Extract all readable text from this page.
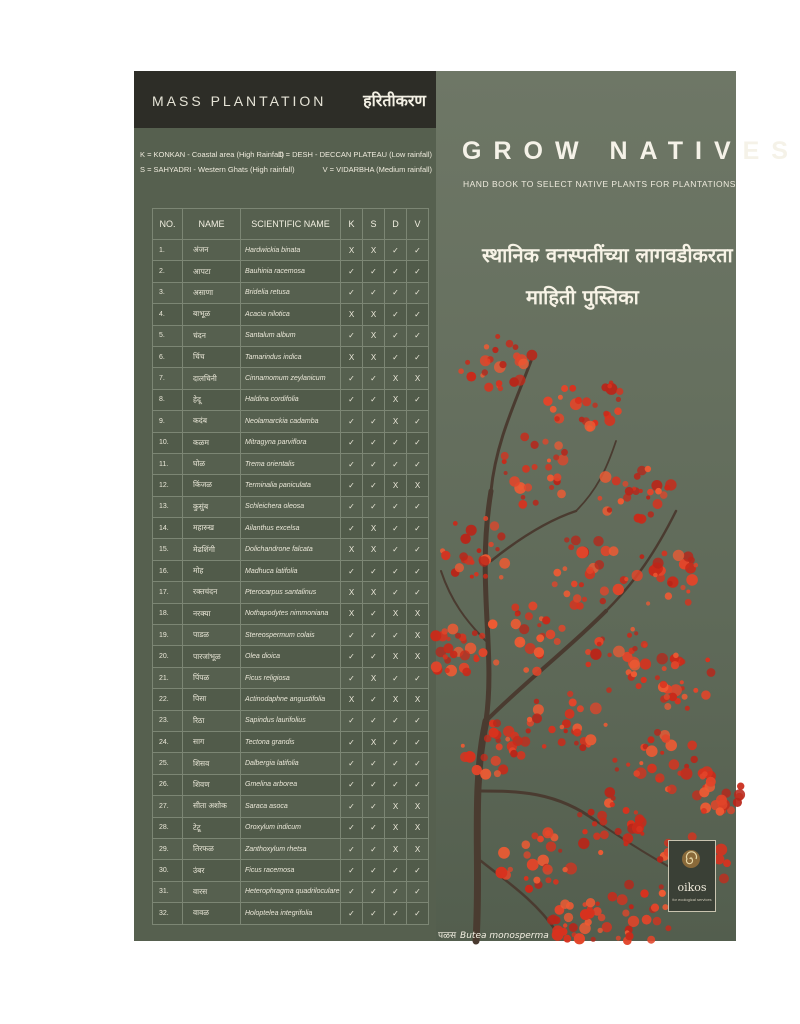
MASS PLANTATION हरितीकरण
K = KONKAN - Coastal area (High Rainfall)
D = DESH - DECCAN PLATEAU (Low rainfall)
S = SAHYADRI - Western Ghats (High rainfall)	V = VIDARBHA (Medium rainfall)
NO.	NAME	SCIENTIFIC NAME	K	S	D	V
1.	अंजन	Hardwickia binata	X	X	✓	✓
2.	आपटा	Bauhinia racemosa	✓	✓	✓	✓
3.	असाणा	Bridelia retusa	✓	✓	✓	✓
4.	बाभूळ	Acacia nilotica	X	X	✓	✓
5.	चंदन	Santalum album	✓	X	✓	✓
6.	चिंच	Tamarindus indica	X	X	✓	✓
7.	दालचिनी	Cinnamomum zeylanicum	✓	✓	X	X
8.	हेदू	Haldina cordifolia	✓	✓	X	✓
9.	कदंब	Neolamarckia cadamba	✓	✓	X	✓
10.	कळम	Mitragyna parviflora	✓	✓	✓	✓
11.	घोळ	Trema orientalis	✓	✓	✓	✓
12.	किंजळ	Terminalia paniculata	✓	✓	X	X
13.	कुसुंब	Schleichera oleosa	✓	✓	✓	✓
14.	महारुख	Ailanthus excelsa	✓	X	✓	✓
15.	मेढशिंगी	Dolichandrone falcata	X	X	✓	✓
16.	मोह	Madhuca latifolia	✓	✓	✓	✓
17.	रक्तचंदन	Pterocarpus santalinus	X	X	✓	✓
18.	नरक्या	Nothapodytes nimmoniana	X	✓	X	X
19.	पाडळ	Stereospermum colais	✓	✓	✓	X
20.	पारजांभूळ	Olea dioica	✓	✓	X	X
21.	पिंपळ	Ficus religiosa	✓	X	✓	✓
22.	पिसा	Actinodaphne angustifolia	X	✓	X	X
23.	रिठा	Sapindus laurifolius	✓	✓	✓	✓
24.	साग	Tectona grandis	✓	X	✓	✓
25.	शिसव	Dalbergia latifolia	✓	✓	✓	✓
26.	शिवण	Gmelina arborea	✓	✓	✓	✓
27.	सीता अशोक	Saraca asoca	✓	✓	X	X
28.	टेटू	Oroxylum indicum	✓	✓	X	X
29.	तिरफळ	Zanthoxylum rhetsa	✓	✓	X	X
30.	उंबर	Ficus racemosa	✓	✓	✓	✓
31.	वारस	Heterophragma quadriloculare	✓	✓	✓	✓
32.	वावळ	Holoptelea integrifolia	✓	✓	✓	✓
GROW NATIVES
HAND BOOK TO SELECT NATIVE PLANTS FOR PLANTATIONS
स्थानिक वनस्पतींच्या लागवडीकरता
माहिती पुस्तिका
oikos
for ecological services
पळस Butea monosperma
